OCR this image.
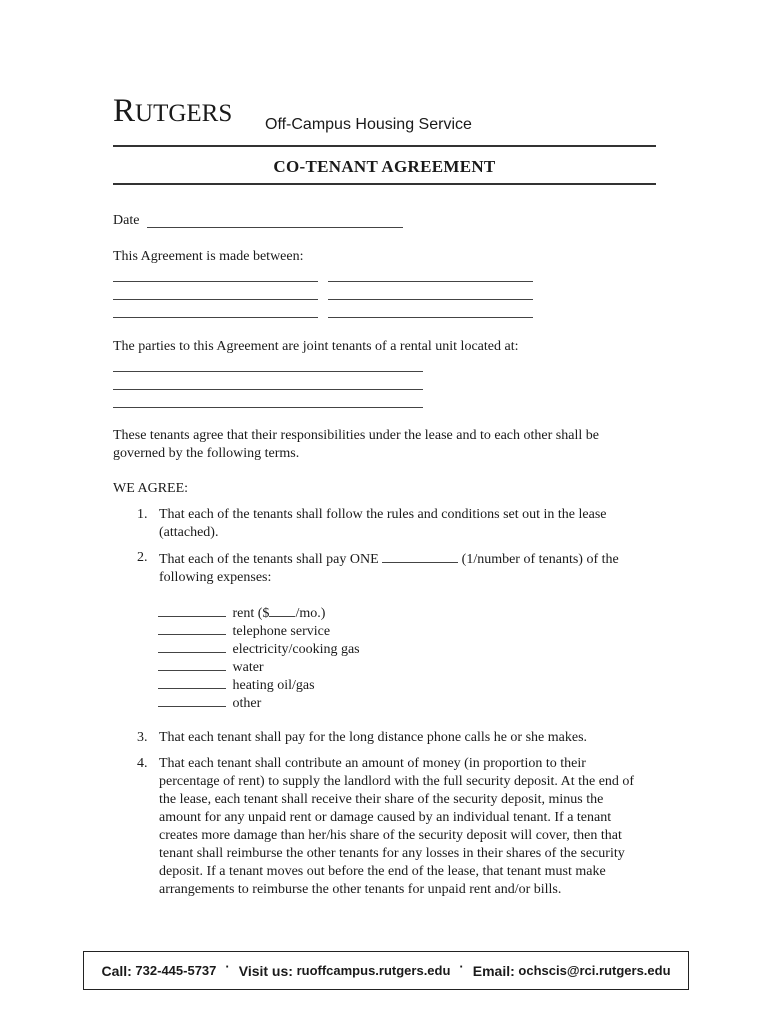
RUTGERS Off-Campus Housing Service
CO-TENANT AGREEMENT
Date
This Agreement is made between:
The parties to this Agreement are joint tenants of a rental unit located at:
These tenants agree that their responsibilities under the lease and to each other shall be governed by the following terms.
WE AGREE:
1. That each of the tenants shall follow the rules and conditions set out in the lease (attached).
2. That each of the tenants shall pay ONE	(1/number of tenants) of the following expenses:
rent ($ /mo.)
telephone service
electricity/cooking gas
water
heating oil/gas
other
3. That each tenant shall pay for the long distance phone calls he or she makes.
4. That each tenant shall contribute an amount of money (in proportion to their percentage of rent) to supply the landlord with the full security deposit. At the end of the lease, each tenant shall receive their share of the security deposit, minus the amount for any unpaid rent or damage caused by an individual tenant. If a tenant creates more damage than her/his share of the security deposit will cover, then that tenant shall reimburse the other tenants for any losses in their shares of the security deposit. If a tenant moves out before the end of the lease, that tenant must make arrangements to reimburse the other tenants for unpaid rent and/or bills.
Call:
732-445-5737 · Visit us:
ruoffcampus.rutgers.edu · Email:
ochscis@rci.rutgers.edu
